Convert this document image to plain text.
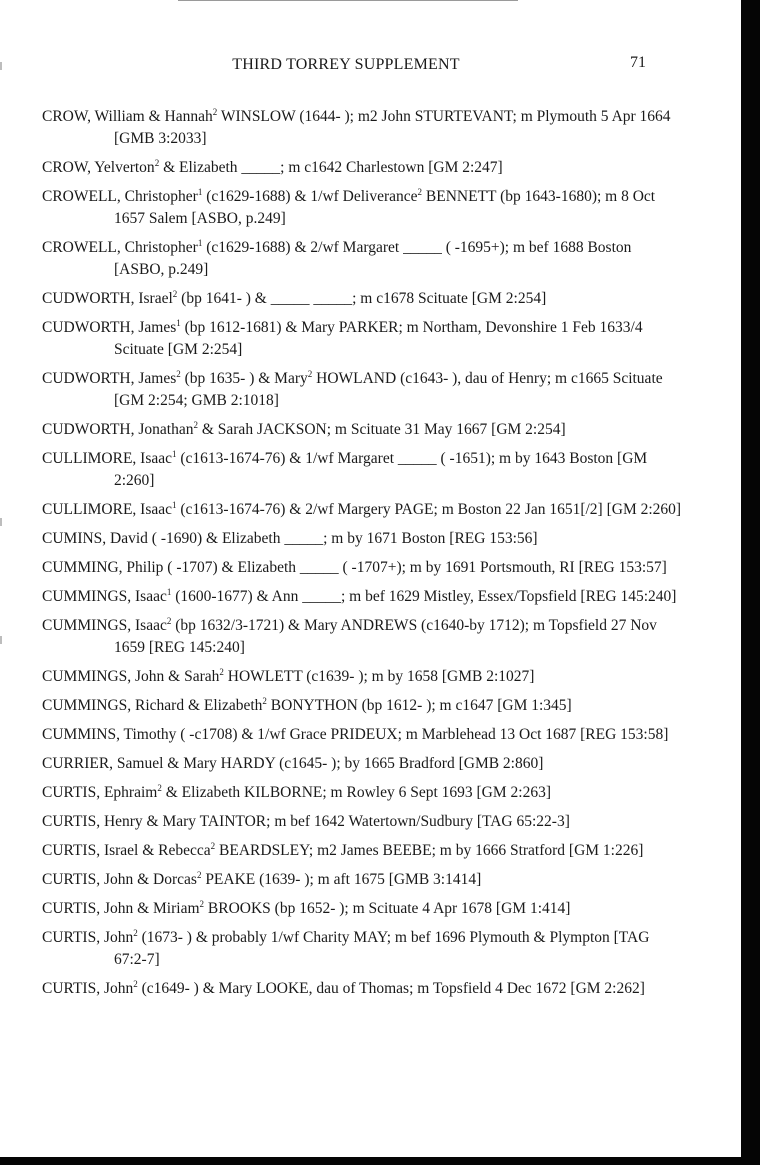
THIRD TORREY SUPPLEMENT	71

CROW, William & Hannah$^2$ WINSLOW (1644- ); m2 John STURTEVANT; m Plymouth 5 Apr 1664 [GMB 3:2033]

CROW, Yelverton$^2$ & Elizabeth _____; m c1642 Charlestown [GM 2:247]

CROWELL, Christopher$^1$ (c1629-1688) & 1/wf Deliverance$^2$ BENNETT (bp 1643-1680); m 8 Oct 1657 Salem [ASBO, p.249]

CROWELL, Christopher$^1$ (c1629-1688) & 2/wf Margaret _____ ( -1695+); m bef 1688 Boston [ASBO, p.249]

CUDWORTH, Israel$^2$ (bp 1641- ) & _____ _____; m c1678 Scituate [GM 2:254]

CUDWORTH, James$^1$ (bp 1612-1681) & Mary PARKER; m Northam, Devonshire 1 Feb 1633/4 Scituate [GM 2:254]

CUDWORTH, James$^2$ (bp 1635- ) & Mary$^2$ HOWLAND (c1643- ), dau of Henry; m c1665 Scituate [GM 2:254; GMB 2:1018]

CUDWORTH, Jonathan$^2$ & Sarah JACKSON; m Scituate 31 May 1667 [GM 2:254]

CULLIMORE, Isaac$^1$ (c1613-1674-76) & 1/wf Margaret _____ ( -1651); m by 1643 Boston [GM 2:260]

CULLIMORE, Isaac$^1$ (c1613-1674-76) & 2/wf Margery PAGE; m Boston 22 Jan 1651[/2] [GM 2:260]

CUMINS, David ( -1690) & Elizabeth _____; m by 1671 Boston [REG 153:56]

CUMMING, Philip ( -1707) & Elizabeth _____ ( -1707+); m by 1691 Portsmouth, RI [REG 153:57]

CUMMINGS, Isaac$^1$ (1600-1677) & Ann _____; m bef 1629 Mistley, Essex/Topsfield [REG 145:240]

CUMMINGS, Isaac$^2$ (bp 1632/3-1721) & Mary ANDREWS (c1640-by 1712); m Topsfield 27 Nov 1659 [REG 145:240]

CUMMINGS, John & Sarah$^2$ HOWLETT (c1639- ); m by 1658 [GMB 2:1027]

CUMMINGS, Richard & Elizabeth$^2$ BONYTHON (bp 1612- ); m c1647 [GM 1:345]

CUMMINS, Timothy ( -c1708) & 1/wf Grace PRIDEUX; m Marblehead 13 Oct 1687 [REG 153:58]

CURRIER, Samuel & Mary HARDY (c1645- ); by 1665 Bradford [GMB 2:860]

CURTIS, Ephraim$^2$ & Elizabeth KILBORNE; m Rowley 6 Sept 1693 [GM 2:263]

CURTIS, Henry & Mary TAINTOR; m bef 1642 Watertown/Sudbury [TAG 65:22-3]

CURTIS, Israel & Rebecca$^2$ BEARDSLEY; m2 James BEEBE; m by 1666 Stratford [GM 1:226]

CURTIS, John & Dorcas$^2$ PEAKE (1639- ); m aft 1675 [GMB 3:1414]

CURTIS, John & Miriam$^2$ BROOKS (bp 1652- ); m Scituate 4 Apr 1678 [GM 1:414]

CURTIS, John$^2$ (1673- ) & probably 1/wf Charity MAY; m bef 1696 Plymouth & Plympton [TAG 67:2-7]

CURTIS, John$^2$ (c1649- ) & Mary LOOKE, dau of Thomas; m Topsfield 4 Dec 1672 [GM 2:262]
